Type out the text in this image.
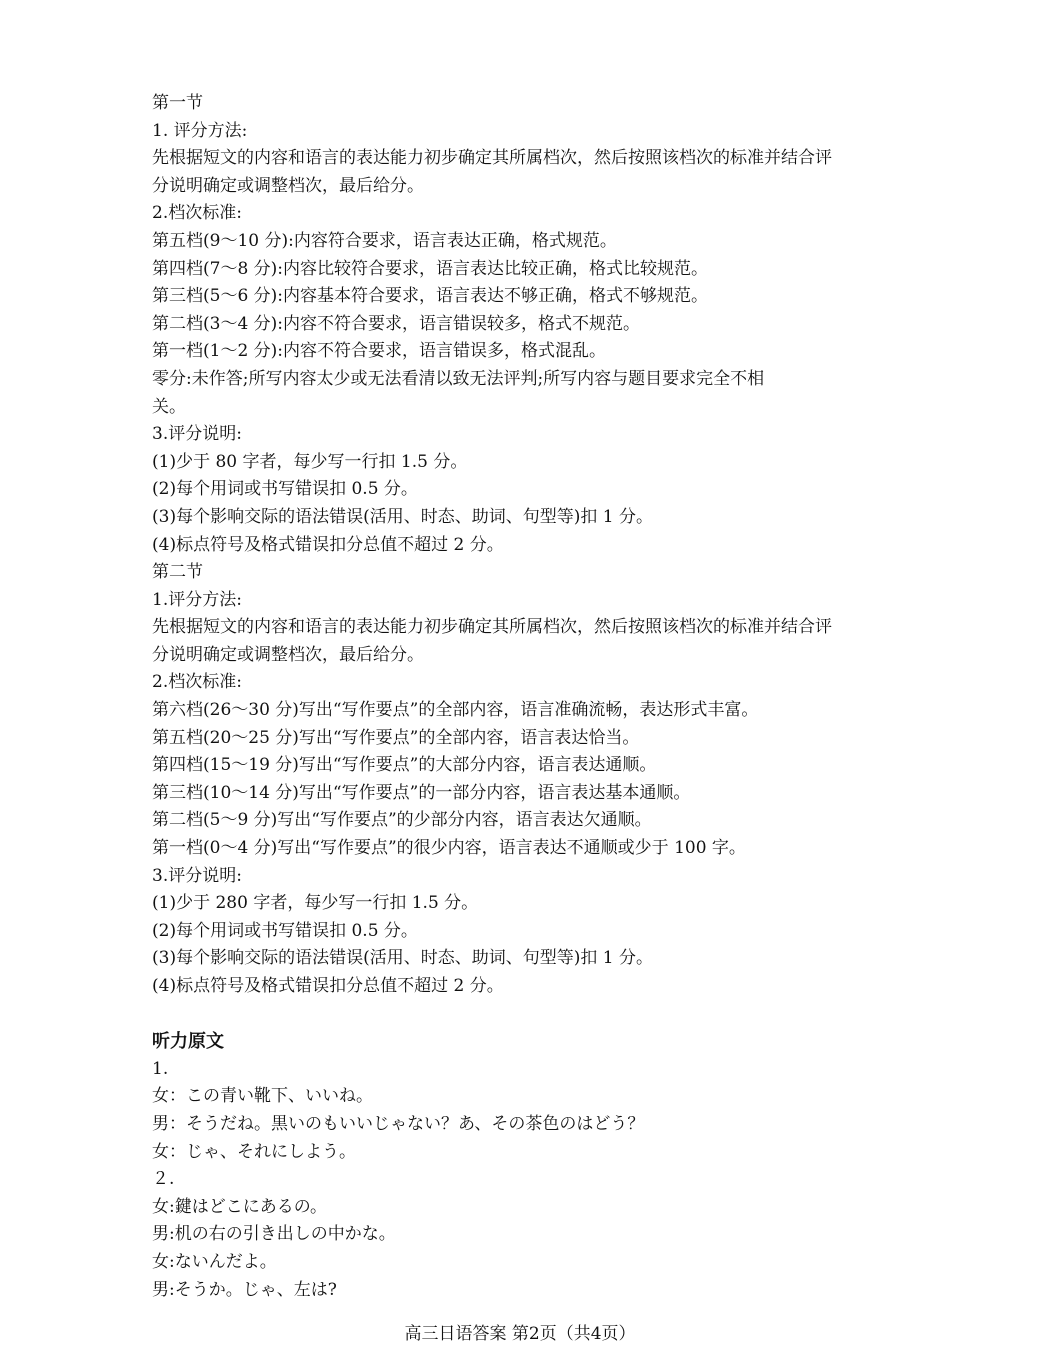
第一节
1. 评分方法:
先根据短文的内容和语言的表达能力初步确定其所属档次，然后按照该档次的标准并结合评
分说明确定或调整档次，最后给分。
2.档次标准:
第五档(9～10 分):内容符合要求，语言表达正确，格式规范。
第四档(7～8 分):内容比较符合要求，语言表达比较正确，格式比较规范。
第三档(5～6 分):内容基本符合要求，语言表达不够正确，格式不够规范。
第二档(3～4 分):内容不符合要求，语言错误较多，格式不规范。
第一档(1～2 分):内容不符合要求，语言错误多，格式混乱。
零分:未作答;所写内容太少或无法看清以致无法评判;所写内容与题目要求完全不相
关。
3.评分说明:
(1)少于 80 字者，每少写一行扣 1.5 分。
(2)每个用词或书写错误扣 0.5 分。
(3)每个影响交际的语法错误(活用、时态、助词、句型等)扣 1 分。
(4)标点符号及格式错误扣分总值不超过 2 分。
第二节
1.评分方法:
先根据短文的内容和语言的表达能力初步确定其所属档次，然后按照该档次的标准并结合评
分说明确定或调整档次，最后给分。
2.档次标准:
第六档(26～30 分)写出“写作要点”的全部内容，语言准确流畅，表达形式丰富。
第五档(20～25 分)写出“写作要点”的全部内容，语言表达恰当。
第四档(15～19 分)写出“写作要点”的大部分内容，语言表达通顺。
第三档(10～14 分)写出“写作要点”的一部分内容，语言表达基本通顺。
第二档(5～9 分)写出“写作要点”的少部分内容，语言表达欠通顺。
第一档(0～4 分)写出“写作要点”的很少内容，语言表达不通顺或少于 100 字。
3.评分说明:
(1)少于 280 字者，每少写一行扣 1.5 分。
(2)每个用词或书写错误扣 0.5 分。
(3)每个影响交际的语法错误(活用、时态、助词、句型等)扣 1 分。
(4)标点符号及格式错误扣分总值不超过 2 分。
听力原文
1.
女：この青い靴下、いいね。
男：そうだね。黒いのもいいじゃない？あ、その茶色のはどう？
女：じゃ、それにしよう。
２.
女:鍵はどこにあるの。
男:机の右の引き出しの中かな。
女:ないんだよ。
男:そうか。じゃ、左は?
高三日语答案 第2页（共4页）
